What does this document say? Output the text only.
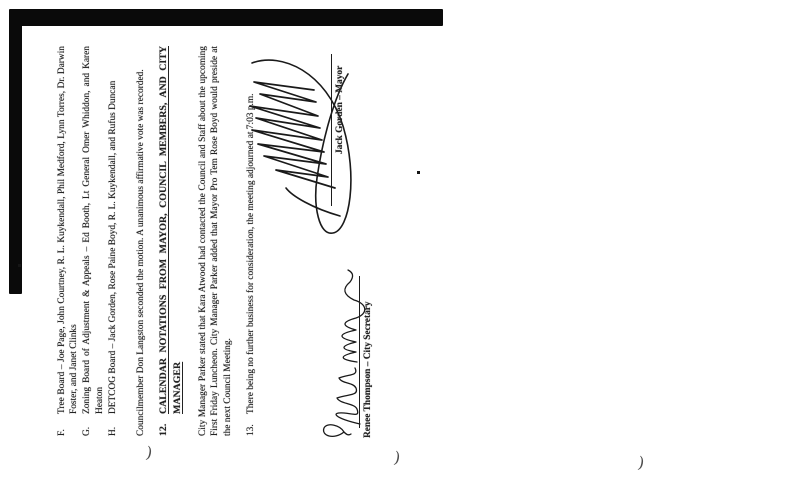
)	)	)
F.
Tree Board – Joe Page, John Courtney, R. L. Kuykendall, Phil Medford, Lynn Torres, Dr. Darwin Foster, and Janet Clinks
G.
Zoning Board of Adjustment & Appeals – Ed Booth, Lt General Omer Whiddon, and Karen Heaton
H.
DETCOG Board – Jack Gorden, Rose Paine Boyd, R. L. Kuykendall, and Rufus Duncan Councilmember Don Langston seconded the motion. A unanimous affirmative vote was recorded. 12.
CALENDAR NOTATIONS FROM MAYOR, COUNCIL MEMBERS, AND CITY MANAGER City Manager Parker stated that Kara Atwood had contacted the Council and Staff about the upcoming First Friday Luncheon. City Manager Parker added that Mayor Pro Tem Rose Boyd would preside at the next Council Meeting. 13.
There being no further business for consideration, the meeting adjourned at 7:03 p.m.	Jack Gorden – Mayor
Renee Thompson – City Secretary
